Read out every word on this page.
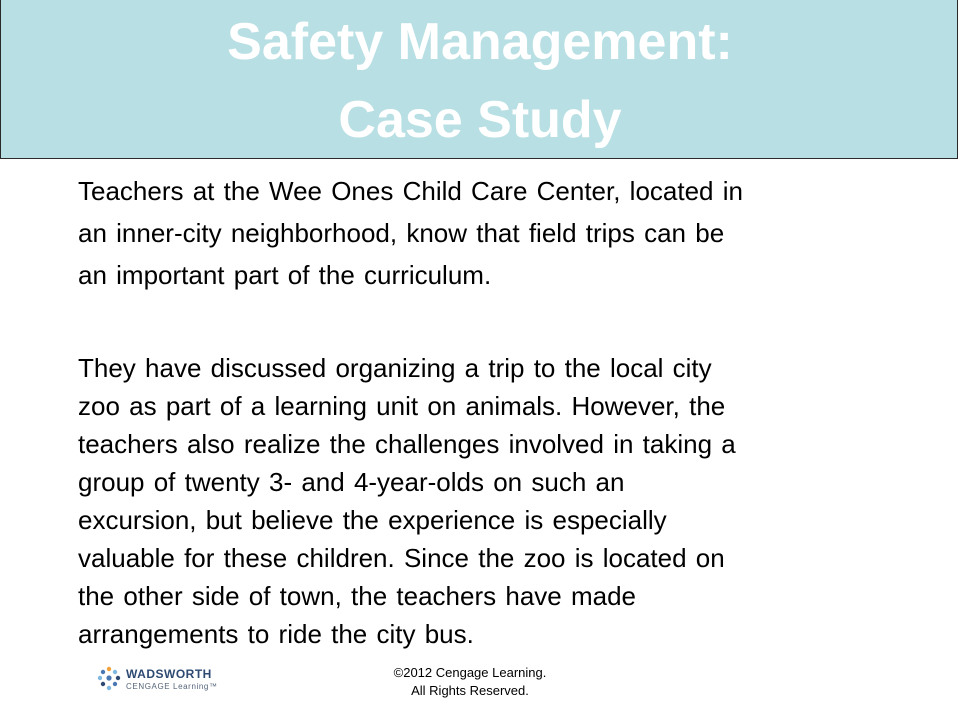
Safety Management:
Case Study

Teachers at the Wee Ones Child Care Center, located in
an inner-city neighborhood, know that field trips can be
an important part of the curriculum.

They have discussed organizing a trip to the local city
zoo as part of a learning unit on animals. However, the
teachers also realize the challenges involved in taking a
group of twenty 3- and 4-year-olds on such an
excursion, but believe the experience is especially
valuable for these children. Since the zoo is located on
the other side of town, the teachers have made
arrangements to ride the city bus.

WADSWORTH
CENGAGE Learning™
©2012 Cengage Learning.
All Rights Reserved.
